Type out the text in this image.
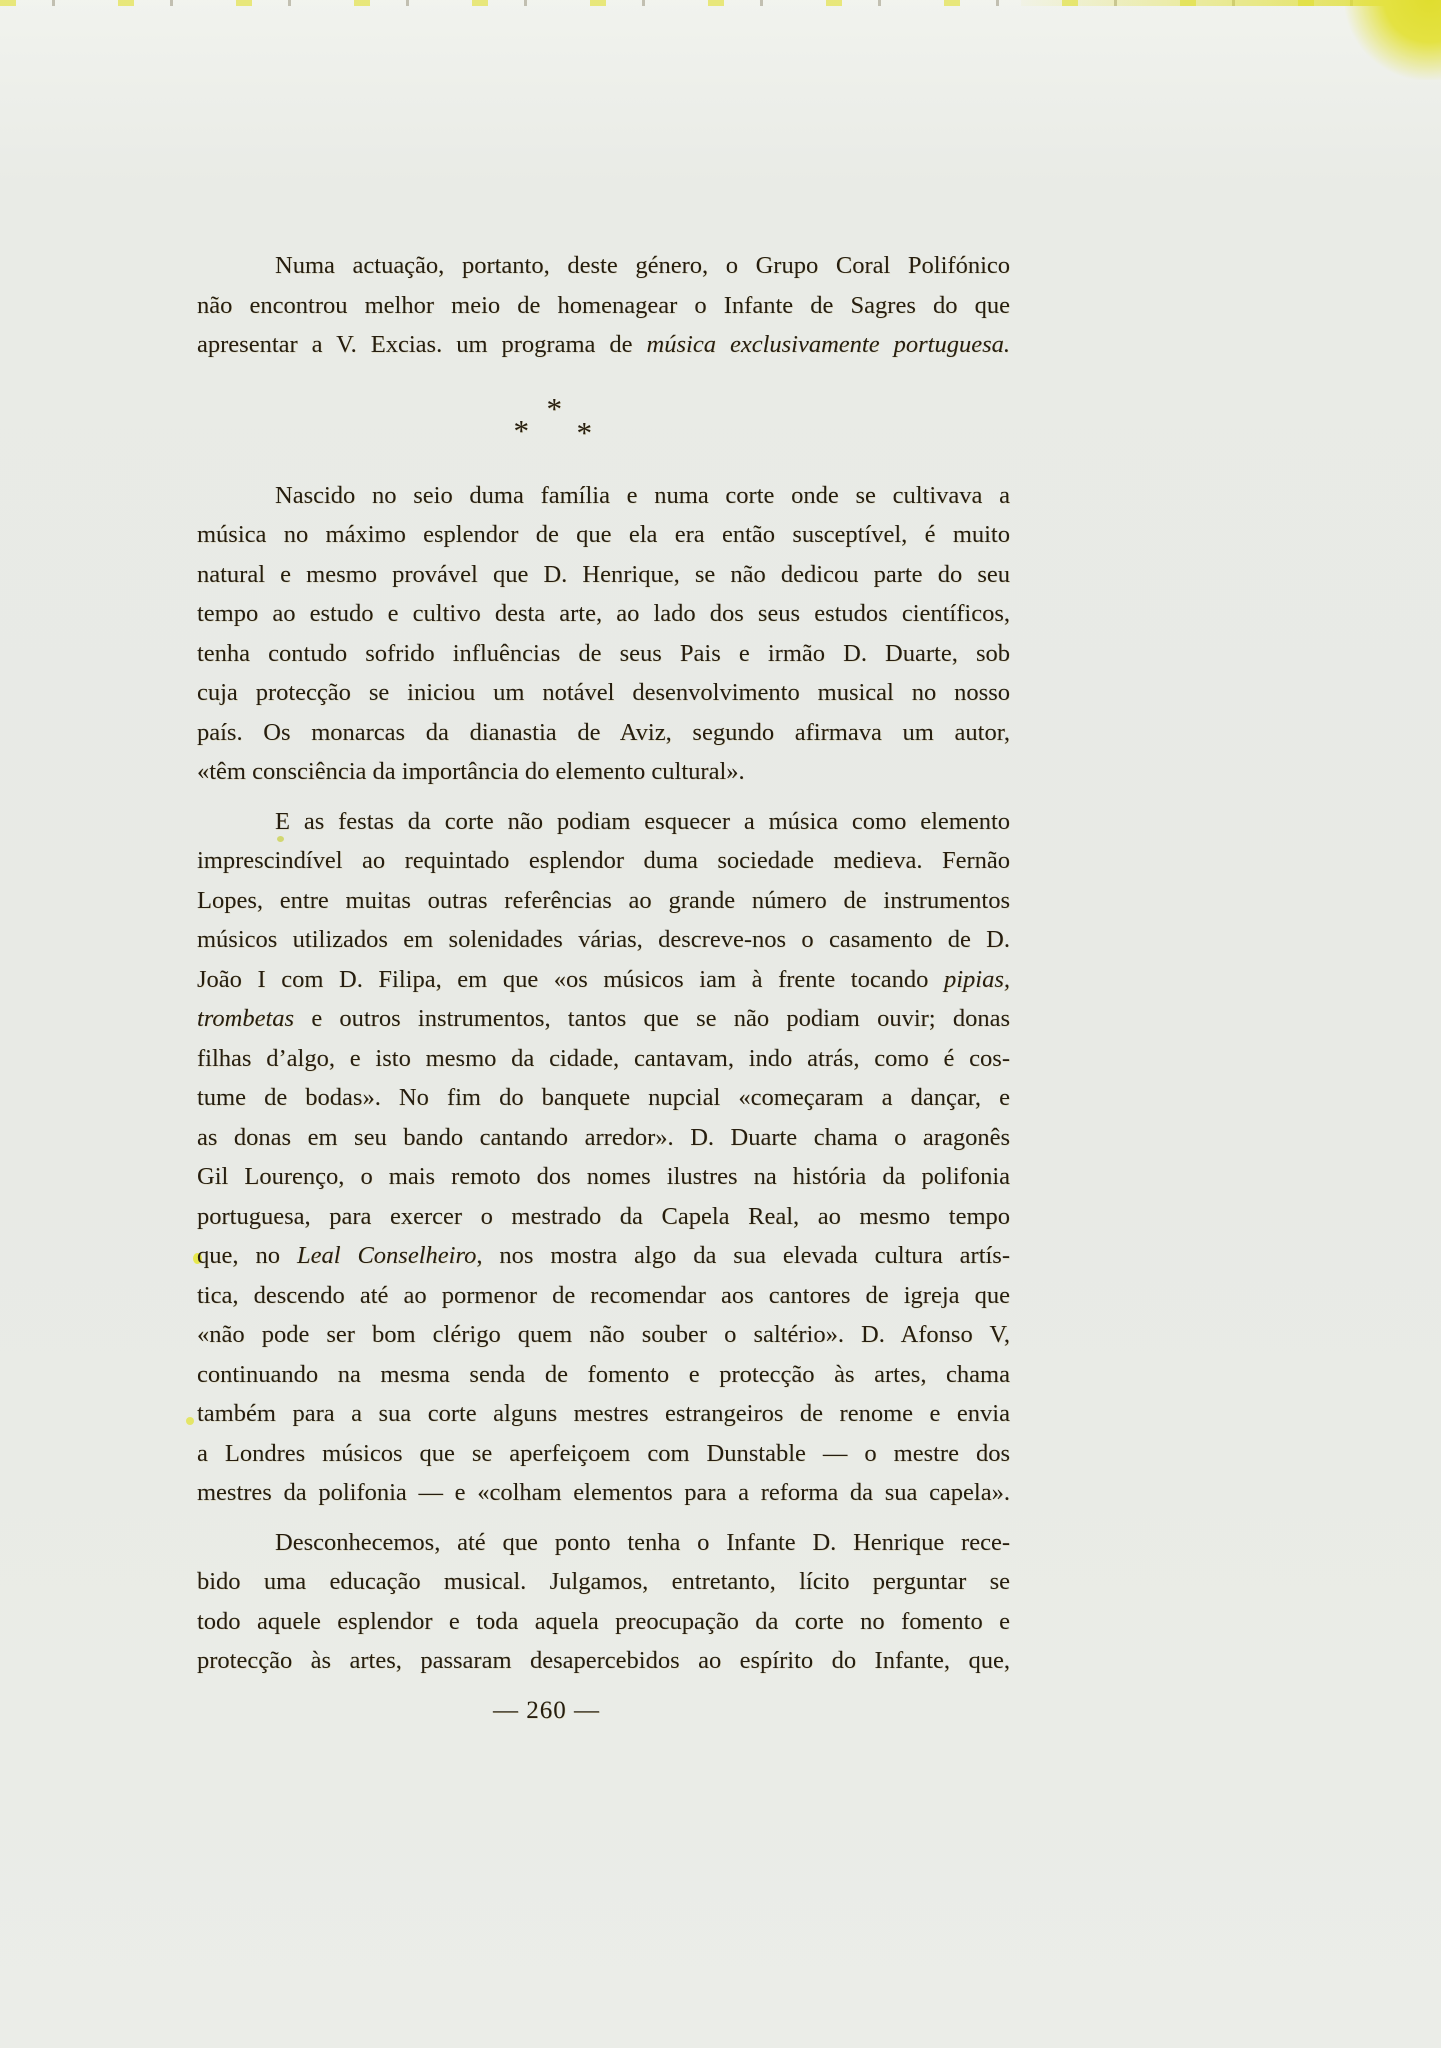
Numa actuação, portanto, deste género, o Grupo Coral Polifónico
não encontrou melhor meio de homenagear o Infante de Sagres do que
apresentar a V. Excias. um programa de música exclusivamente portuguesa.
*
* *
Nascido no seio duma família e numa corte onde se cultivava a
música no máximo esplendor de que ela era então susceptível, é muito
natural e mesmo provável que D. Henrique, se não dedicou parte do seu
tempo ao estudo e cultivo desta arte, ao lado dos seus estudos científicos,
tenha contudo sofrido influências de seus Pais e irmão D. Duarte, sob
cuja protecção se iniciou um notável desenvolvimento musical no nosso
país. Os monarcas da dianastia de Aviz, segundo afirmava um autor,
«têm consciência da importância do elemento cultural».
E as festas da corte não podiam esquecer a música como elemento
imprescindível ao requintado esplendor duma sociedade medieva. Fernão
Lopes, entre muitas outras referências ao grande número de instrumentos
músicos utilizados em solenidades várias, descreve-nos o casamento de D.
João I com D. Filipa, em que «os músicos iam à frente tocando pipias,
trombetas e outros instrumentos, tantos que se não podiam ouvir; donas
filhas d’algo, e isto mesmo da cidade, cantavam, indo atrás, como é cos-
tume de bodas». No fim do banquete nupcial «começaram a dançar, e
as donas em seu bando cantando arredor». D. Duarte chama o aragonês
Gil Lourenço, o mais remoto dos nomes ilustres na história da polifonia
portuguesa, para exercer o mestrado da Capela Real, ao mesmo tempo
que, no Leal Conselheiro, nos mostra algo da sua elevada cultura artís-
tica, descendo até ao pormenor de recomendar aos cantores de igreja que
«não pode ser bom clérigo quem não souber o saltério». D. Afonso V,
continuando na mesma senda de fomento e protecção às artes, chama
também para a sua corte alguns mestres estrangeiros de renome e envia
a Londres músicos que se aperfeiçoem com Dunstable — o mestre dos
mestres da polifonia — e «colham elementos para a reforma da sua capela».
Desconhecemos, até que ponto tenha o Infante D. Henrique rece-
bido uma educação musical. Julgamos, entretanto, lícito perguntar se
todo aquele esplendor e toda aquela preocupação da corte no fomento e
protecção às artes, passaram desapercebidos ao espírito do Infante, que,
— 260 —
